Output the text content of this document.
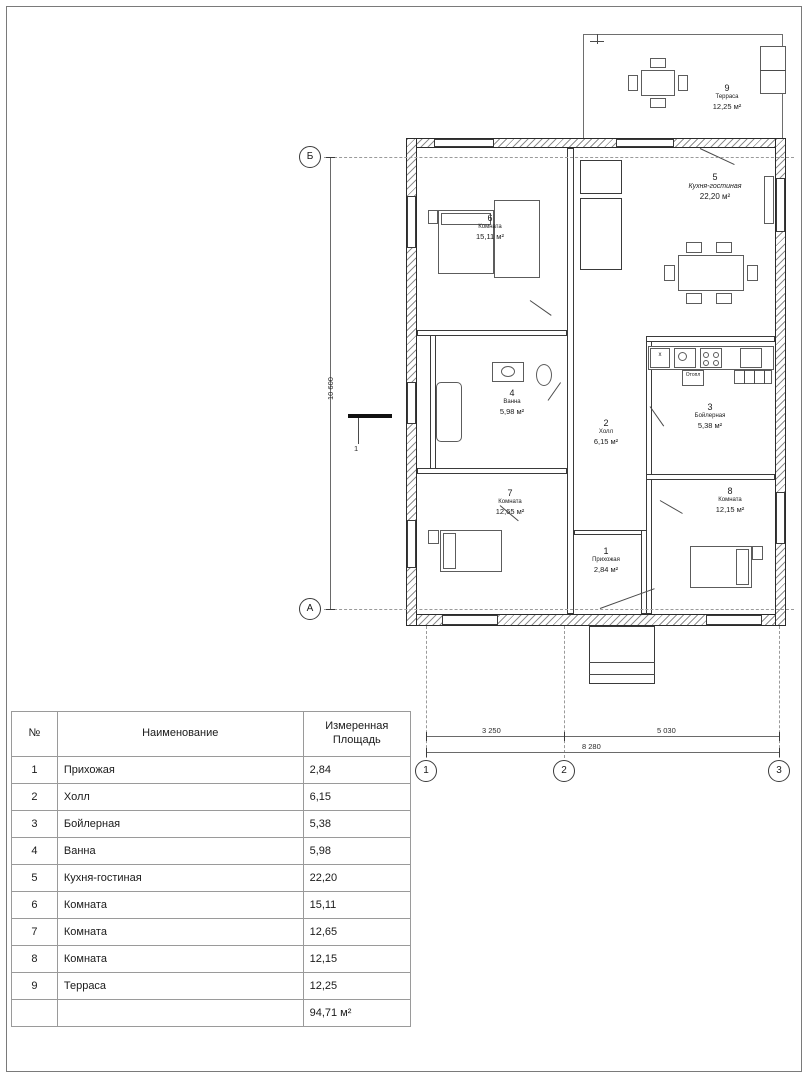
9
Терраса
12,25 м²
6
Комната
15,11 м²
5
Кухня-гостиная
22,20 м²
х
Отопл
3
Бойлерная
5,38 м²
4
Ванна
5,98 м²
2
Холл
6,15 м²
7
Комната
12,65 м²
8
Комната
12,15 м²
1
Прихожая
2,84 м²
Б
А
1	2	3
10 600
1
3 250	5 030
8 280
№	Наименование	Измеренная
Площадь

1	Прихожая	2,84
2	Холл	6,15
3	Бойлерная	5,38
4	Ванна	5,98
5	Кухня-гостиная	22,20
6	Комната	15,11
7	Комната	12,65
8	Комната	12,15
9	Терраса	12,25
		94,71 м²
